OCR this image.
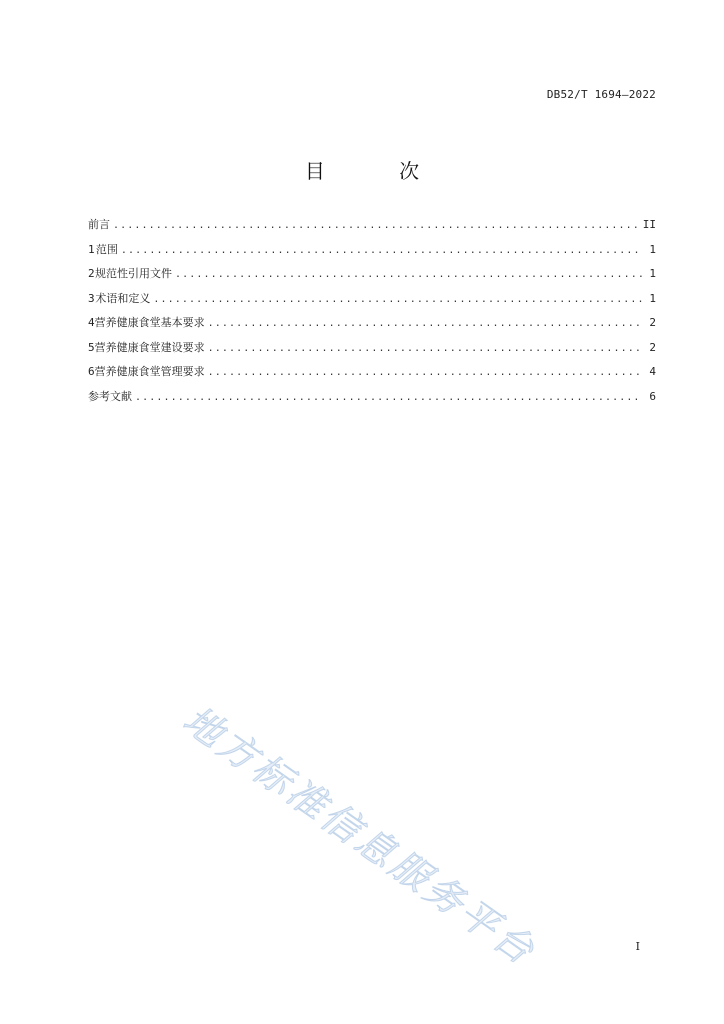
DB52/T 1694—2022
目 次
前言 .....	II
1 范围 .....	1
2 规范性引用文件 .....	1
3 术语和定义 .....	1
4 营养健康食堂基本要求 .....	2
5 营养健康食堂建设要求 .....	2
6 营养健康食堂管理要求 .....	4
参考文献 .....	6
地方标准信息服务平台	I
